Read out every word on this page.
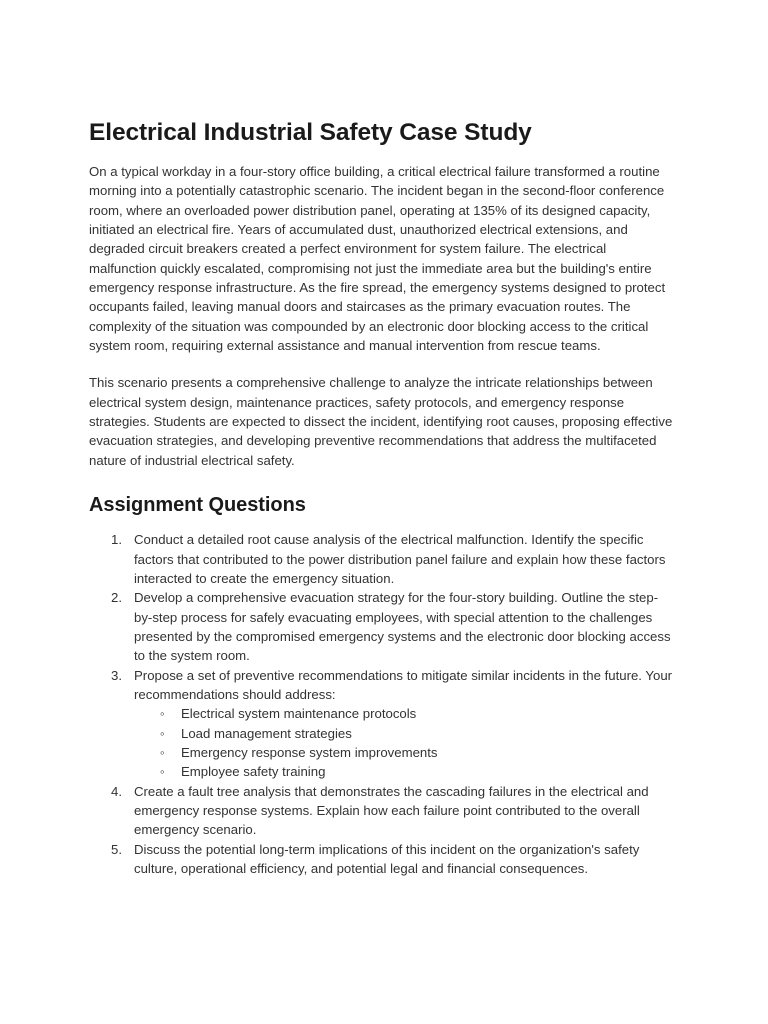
Electrical Industrial Safety Case Study

On a typical workday in a four-story office building, a critical electrical failure transformed a routine morning into a potentially catastrophic scenario. The incident began in the second-floor conference room, where an overloaded power distribution panel, operating at 135% of its designed capacity, initiated an electrical fire. Years of accumulated dust, unauthorized electrical extensions, and degraded circuit breakers created a perfect environment for system failure. The electrical malfunction quickly escalated, compromising not just the immediate area but the building's entire emergency response infrastructure. As the fire spread, the emergency systems designed to protect occupants failed, leaving manual doors and staircases as the primary evacuation routes. The complexity of the situation was compounded by an electronic door blocking access to the critical system room, requiring external assistance and manual intervention from rescue teams.

This scenario presents a comprehensive challenge to analyze the intricate relationships between electrical system design, maintenance practices, safety protocols, and emergency response strategies. Students are expected to dissect the incident, identifying root causes, proposing effective evacuation strategies, and developing preventive recommendations that address the multifaceted nature of industrial electrical safety.

Assignment Questions
Conduct a detailed root cause analysis of the electrical malfunction. Identify the specific factors that contributed to the power distribution panel failure and explain how these factors interacted to create the emergency situation.
Develop a comprehensive evacuation strategy for the four-story building. Outline the step-by-step process for safely evacuating employees, with special attention to the challenges presented by the compromised emergency systems and the electronic door blocking access to the system room.
Propose a set of preventive recommendations to mitigate similar incidents in the future. Your recommendations should address:
◦ Electrical system maintenance protocols
◦ Load management strategies
◦ Emergency response system improvements
◦ Employee safety training
Create a fault tree analysis that demonstrates the cascading failures in the electrical and emergency response systems. Explain how each failure point contributed to the overall emergency scenario.
Discuss the potential long-term implications of this incident on the organization's safety culture, operational efficiency, and potential legal and financial consequences.
